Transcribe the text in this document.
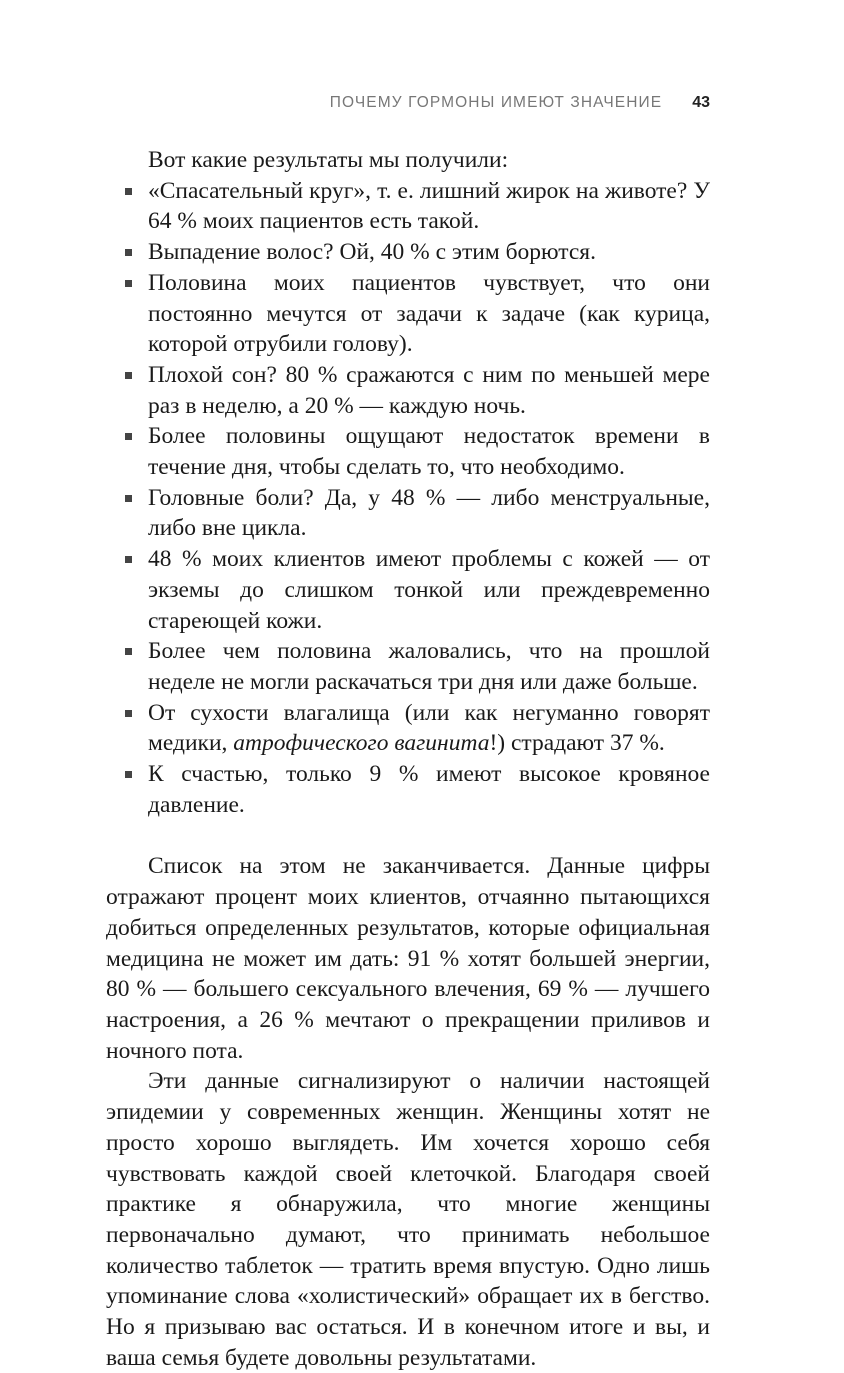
ПОЧЕМУ ГОРМОНЫ ИМЕЮТ ЗНАЧЕНИЕ 43

Вот какие результаты мы получили:

«Спасательный круг», т. е. лишний жирок на животе? У 64 % моих пациентов есть такой.
Выпадение волос? Ой, 40 % с этим борются.
Половина моих пациентов чувствует, что они постоянно мечутся от задачи к задаче (как курица, которой отрубили голову).
Плохой сон? 80 % сражаются с ним по меньшей мере раз в неделю, а 20 % — каждую ночь.
Более половины ощущают недостаток времени в течение дня, чтобы сделать то, что необходимо.
Головные боли? Да, у 48 % — либо менструальные, либо вне цикла.
48 % моих клиентов имеют проблемы с кожей — от экземы до слишком тонкой или преждевременно стареющей кожи.
Более чем половина жаловались, что на прошлой неделе не могли раскачаться три дня или даже больше.
От сухости влагалища (или как негуманно говорят медики, атрофического вагинита!) страдают 37 %.
К счастью, только 9 % имеют высокое кровяное давление.

Список на этом не заканчивается. Данные цифры отражают процент моих клиентов, отчаянно пытающихся добиться определенных результатов, которые официальная медицина не может им дать: 91 % хотят большей энергии, 80 % — большего сексуального влечения, 69 % — лучшего настроения, а 26 % мечтают о прекращении приливов и ночного пота.

Эти данные сигнализируют о наличии настоящей эпидемии у современных женщин. Женщины хотят не просто хорошо выглядеть. Им хочется хорошо себя чувствовать каждой своей клеточкой. Благодаря своей практике я обнаружила, что многие женщины первоначально думают, что принимать небольшое количество таблеток — тратить время впустую. Одно лишь упоминание слова «холистический» обращает их в бегство. Но я призываю вас остаться. И в конечном итоге и вы, и ваша семья будете довольны результатами.
